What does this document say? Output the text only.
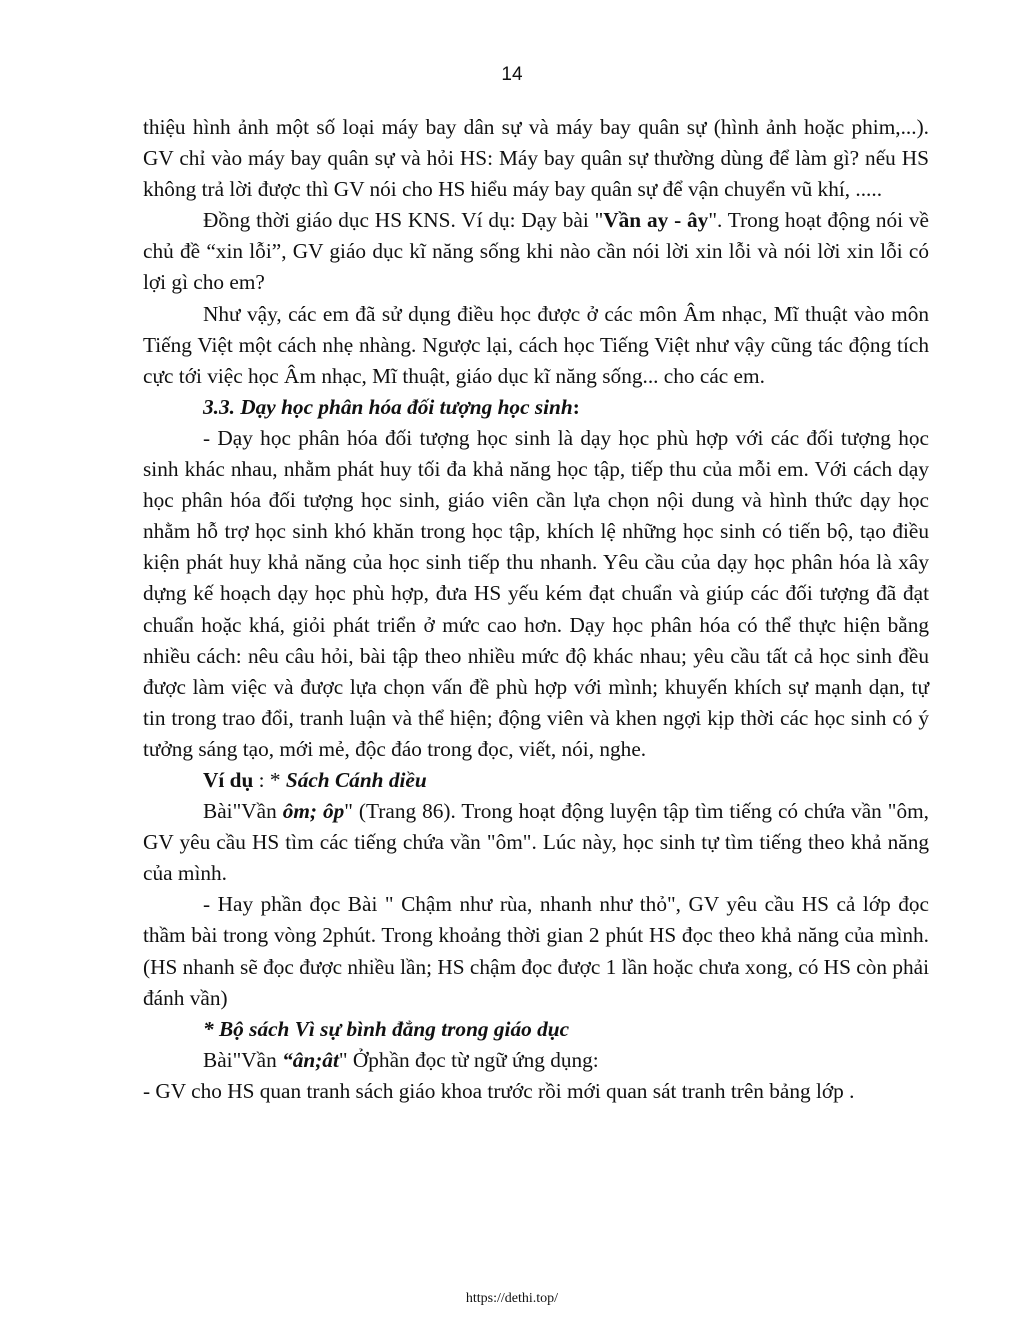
14

thiệu hình ảnh một số loại máy bay dân sự và máy bay quân sự (hình ảnh hoặc phim,...). GV chỉ vào máy bay quân sự và hỏi HS: Máy bay quân sự thường dùng để làm gì? nếu HS không trả lời được thì GV nói cho HS hiểu máy bay quân sự để vận chuyển vũ khí, .....

Đồng thời giáo dục HS KNS. Ví dụ: Dạy bài "Vần ay - ây". Trong hoạt động nói về chủ đề “xin lỗi”, GV giáo dục kĩ năng sống khi nào cần nói lời xin lỗi và nói lời xin lỗi có lợi gì cho em?

Như vậy, các em đã sử dụng điều học được ở các môn Âm nhạc, Mĩ thuật vào môn Tiếng Việt một cách nhẹ nhàng. Ngược lại, cách học Tiếng Việt như vậy cũng tác động tích cực tới việc học Âm nhạc, Mĩ thuật, giáo dục kĩ năng sống... cho các em.

3.3. Dạy học phân hóa đối tượng học sinh:

- Dạy học phân hóa đối tượng học sinh là dạy học phù hợp với các đối tượng học sinh khác nhau, nhằm phát huy tối đa khả năng học tập, tiếp thu của mỗi em. Với cách dạy học phân hóa đối tượng học sinh, giáo viên cần lựa chọn nội dung và hình thức dạy học nhằm hỗ trợ học sinh khó khăn trong học tập, khích lệ những học sinh có tiến bộ, tạo điều kiện phát huy khả năng của học sinh tiếp thu nhanh. Yêu cầu của dạy học phân hóa là xây dựng kế hoạch dạy học phù hợp, đưa HS yếu kém đạt chuẩn và giúp các đối tượng đã đạt chuẩn hoặc khá, giỏi phát triển ở mức cao hơn. Dạy học phân hóa có thể thực hiện bằng nhiều cách: nêu câu hỏi, bài tập theo nhiều mức độ khác nhau; yêu cầu tất cả học sinh đều được làm việc và được lựa chọn vấn đề phù hợp với mình; khuyến khích sự mạnh dạn, tự tin trong trao đổi, tranh luận và thể hiện; động viên và khen ngợi kịp thời các học sinh có ý tưởng sáng tạo, mới mẻ, độc đáo trong đọc, viết, nói, nghe.

Ví dụ : * Sách Cánh diều

Bài"Vần ôm; ôp" (Trang 86). Trong hoạt động luyện tập tìm tiếng có chứa vần "ôm, GV yêu cầu HS tìm các tiếng chứa vần "ôm". Lúc này, học sinh tự tìm tiếng theo khả năng của mình.

- Hay phần đọc Bài " Chậm như rùa, nhanh như thỏ", GV yêu cầu HS cả lớp đọc thầm bài trong vòng 2phút. Trong khoảng thời gian 2 phút HS đọc theo khả năng của mình. (HS nhanh sẽ đọc được nhiều lần; HS chậm đọc được 1 lần hoặc chưa xong, có HS còn phải đánh vần)

* Bộ sách Vì sự bình đẳng trong giáo dục

Bài"Vần “ân;ât" Ởphần đọc từ ngữ ứng dụng:

- GV cho HS quan tranh sách giáo khoa trước rồi mới quan sát tranh trên bảng lớp .

https://dethi.top/
